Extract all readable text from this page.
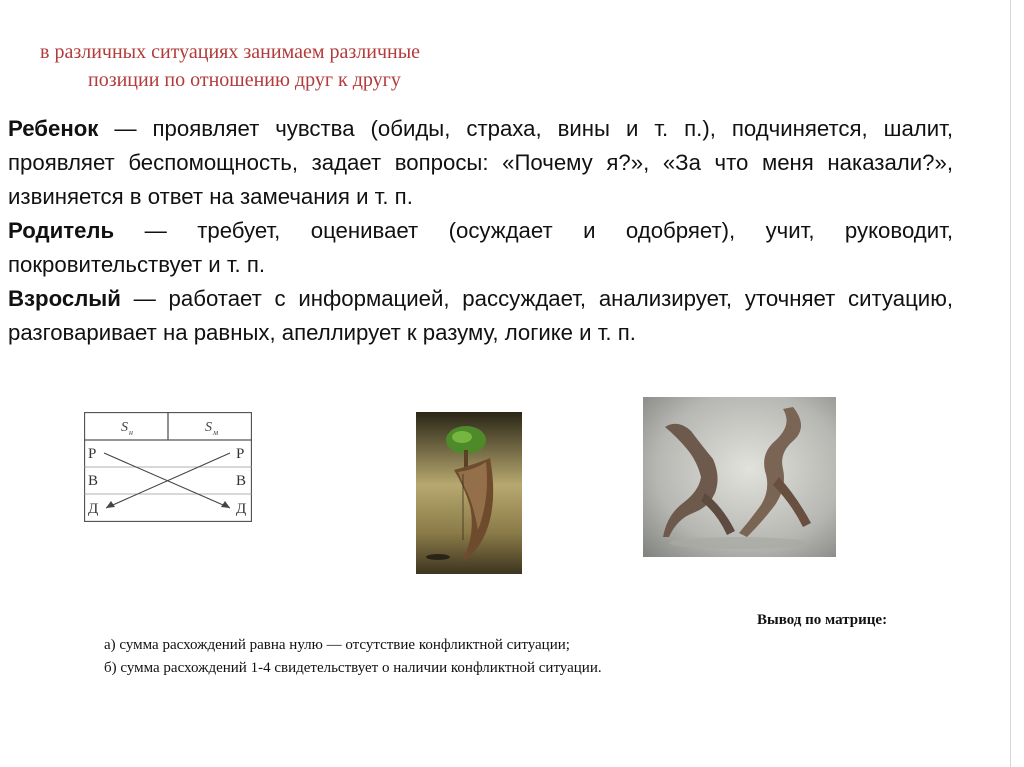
в различных ситуациях занимаем различные
позиции по отношению друг к другу

Ребенок — проявляет чувства (обиды, страха, вины и т. п.), подчиняется, шалит, проявляет беспомощность, задает вопросы: «Почему я?», «За что меня наказали?», извиняется в ответ на замечания и т. п.

Родитель — требует, оценивает (осуждает и одобряет), учит, руководит, покровительствует и т. п.

Взрослый — работает с информацией, рассуждает, анализирует, уточняет ситуацию, разговаривает на равных, апеллирует к разуму, логике и т. п.

S н	S м
Р	Р
В	В
Д	Д
Вывод по матрице:
а) сумма расхождений равна нулю — отсутствие конфликтной ситуации;
б) сумма расхождений 1-4 свидетельствует о наличии конфликтной ситуации.
